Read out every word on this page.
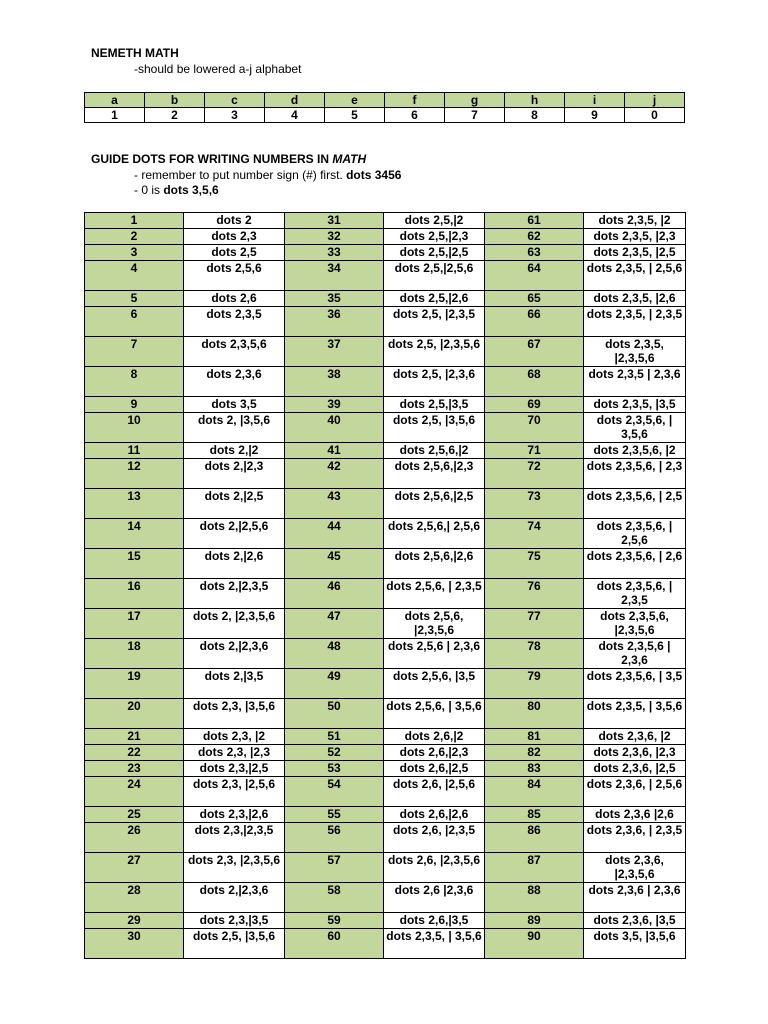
NEMETH MATH
-should be lowered a-j alphabet
a	b	c	d	e	f	g	h	i	j
1	2	3	4	5	6	7	8	9	0
GUIDE DOTS FOR WRITING NUMBERS IN MATH
- remember to put number sign (#) first. dots 3456
- 0 is dots 3,5,6
1	dots 2	31	dots 2,5,|2	61	dots 2,3,5, |2
2	dots 2,3	32	dots 2,5,|2,3	62	dots 2,3,5, |2,3
3	dots 2,5	33	dots 2,5,|2,5	63	dots 2,3,5, |2,5
4	dots 2,5,6	34	dots 2,5,|2,5,6	64	dots 2,3,5, | 2,5,6
5	dots 2,6	35	dots 2,5,|2,6	65	dots 2,3,5, |2,6
6	dots 2,3,5	36	dots 2,5, |2,3,5	66	dots 2,3,5, | 2,3,5
7	dots 2,3,5,6	37	dots 2,5, |2,3,5,6	67	dots 2,3,5, |2,3,5,6
8	dots 2,3,6	38	dots 2,5, |2,3,6	68	dots 2,3,5 | 2,3,6
9	dots 3,5	39	dots 2,5,|3,5	69	dots 2,3,5, |3,5
10	dots 2, |3,5,6	40	dots 2,5, |3,5,6	70	dots 2,3,5,6, | 3,5,6
11	dots 2,|2	41	dots 2,5,6,|2	71	dots 2,3,5,6, |2
12	dots 2,|2,3	42	dots 2,5,6,|2,3	72	dots 2,3,5,6, | 2,3
13	dots 2,|2,5	43	dots 2,5,6,|2,5	73	dots 2,3,5,6, | 2,5
14	dots 2,|2,5,6	44	dots 2,5,6,| 2,5,6	74	dots 2,3,5,6, | 2,5,6
15	dots 2,|2,6	45	dots 2,5,6,|2,6	75	dots 2,3,5,6, | 2,6
16	dots 2,|2,3,5	46	dots 2,5,6, | 2,3,5	76	dots 2,3,5,6, | 2,3,5
17	dots 2, |2,3,5,6	47	dots 2,5,6, |2,3,5,6	77	dots 2,3,5,6, |2,3,5,6
18	dots 2,|2,3,6	48	dots 2,5,6 | 2,3,6	78	dots 2,3,5,6 | 2,3,6
19	dots 2,|3,5	49	dots 2,5,6, |3,5	79	dots 2,3,5,6, | 3,5
20	dots 2,3, |3,5,6	50	dots 2,5,6, | 3,5,6	80	dots 2,3,5, | 3,5,6
21	dots 2,3, |2	51	dots 2,6,|2	81	dots 2,3,6, |2
22	dots 2,3, |2,3	52	dots 2,6,|2,3	82	dots 2,3,6, |2,3
23	dots 2,3,|2,5	53	dots 2,6,|2,5	83	dots 2,3,6, |2,5
24	dots 2,3, |2,5,6	54	dots 2,6, |2,5,6	84	dots 2,3,6, | 2,5,6
25	dots 2,3,|2,6	55	dots 2,6,|2,6	85	dots 2,3,6 |2,6
26	dots 2,3,|2,3,5	56	dots 2,6, |2,3,5	86	dots 2,3,6, | 2,3,5
27	dots 2,3, |2,3,5,6	57	dots 2,6, |2,3,5,6	87	dots 2,3,6, |2,3,5,6
28	dots 2,|2,3,6	58	dots 2,6 |2,3,6	88	dots 2,3,6 | 2,3,6
29	dots 2,3,|3,5	59	dots 2,6,|3,5	89	dots 2,3,6, |3,5
30	dots 2,5, |3,5,6	60	dots 2,3,5, | 3,5,6	90	dots 3,5, |3,5,6
